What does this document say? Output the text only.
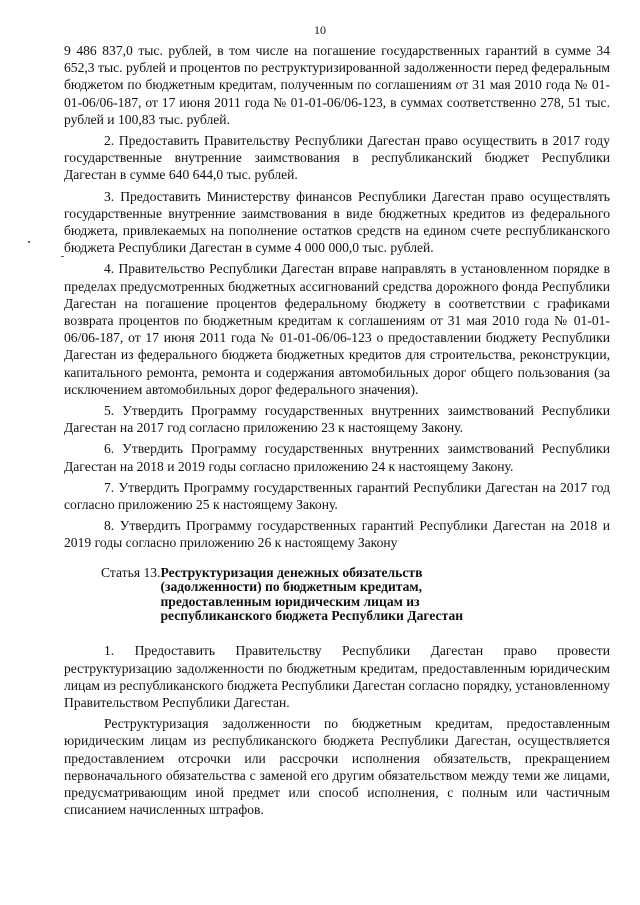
10

9 486 837,0 тыс. рублей, в том числе на погашение государственных гарантий в сумме 34 652,3 тыс. рублей и процентов по реструктуризированной задолженности перед федеральным бюджетом по бюджетным кредитам, полученным по соглашениям от 31 мая 2010 года № 01-01-06/06-187, от 17 июня 2011 года № 01-01-06/06-123, в суммах соответственно 278, 51 тыс. рублей и 100,83 тыс. рублей.

2. Предоставить Правительству Республики Дагестан право осуществить в 2017 году государственные внутренние заимствования в республиканский бюджет Республики Дагестан в сумме 640 644,0 тыс. рублей.

3. Предоставить Министерству финансов Республики Дагестан право осуществлять государственные внутренние заимствования в виде бюджетных кредитов из федерального бюджета, привлекаемых на пополнение остатков средств на едином счете республиканского бюджета Республики Дагестан в сумме 4 000 000,0 тыс. рублей.

4. Правительство Республики Дагестан вправе направлять в установленном порядке в пределах предусмотренных бюджетных ассигнований средства дорожного фонда Республики Дагестан на погашение процентов федеральному бюджету в соответствии с графиками возврата процентов по бюджетным кредитам к соглашениям от 31 мая 2010 года № 01-01-06/06-187, от 17 июня 2011 года № 01-01-06/06-123 о предоставлении бюджету Республики Дагестан из федерального бюджета бюджетных кредитов для строительства, реконструкции, капитального ремонта, ремонта и содержания автомобильных дорог общего пользования (за исключением автомобильных дорог федерального значения).

5. Утвердить Программу государственных внутренних заимствований Республики Дагестан на 2017 год согласно приложению 23 к настоящему Закону.

6. Утвердить Программу государственных внутренних заимствований Республики Дагестан на 2018 и 2019 годы согласно приложению 24 к настоящему Закону.

7. Утвердить Программу государственных гарантий Республики Дагестан на 2017 год согласно приложению 25 к настоящему Закону.

8. Утвердить Программу государственных гарантий Республики Дагестан на 2018 и 2019 годы согласно приложению 26 к настоящему Закону

Статья 13. Реструктуризация денежных обязательств
(задолженности) по бюджетным кредитам,
предоставленным юридическим лицам из
республиканского бюджета Республики Дагестан

1. Предоставить Правительству Республики Дагестан право провести реструктуризацию задолженности по бюджетным кредитам, предоставленным юридическим лицам из республиканского бюджета Республики Дагестан согласно порядку, установленному Правительством Республики Дагестан.

Реструктуризация задолженности по бюджетным кредитам, предоставленным юридическим лицам из республиканского бюджета Республики Дагестан, осуществляется предоставлением отсрочки или рассрочки исполнения обязательств, прекращением первоначального обязательства с заменой его другим обязательством между теми же лицами, предусматривающим иной предмет или способ исполнения, с полным или частичным списанием начисленных штрафов.
